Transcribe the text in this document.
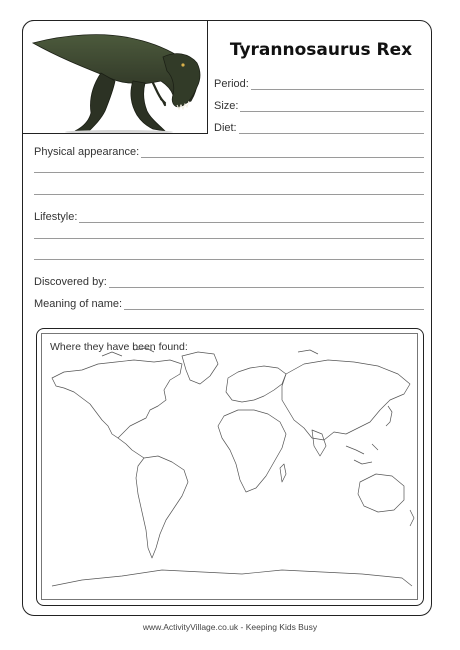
Tyrannosaurus Rex
Period:
Size:
Diet:
Physical appearance:
Lifestyle:
Discovered by:
Meaning of name:
Where they have been found:
www.ActivityVillage.co.uk - Keeping Kids Busy
